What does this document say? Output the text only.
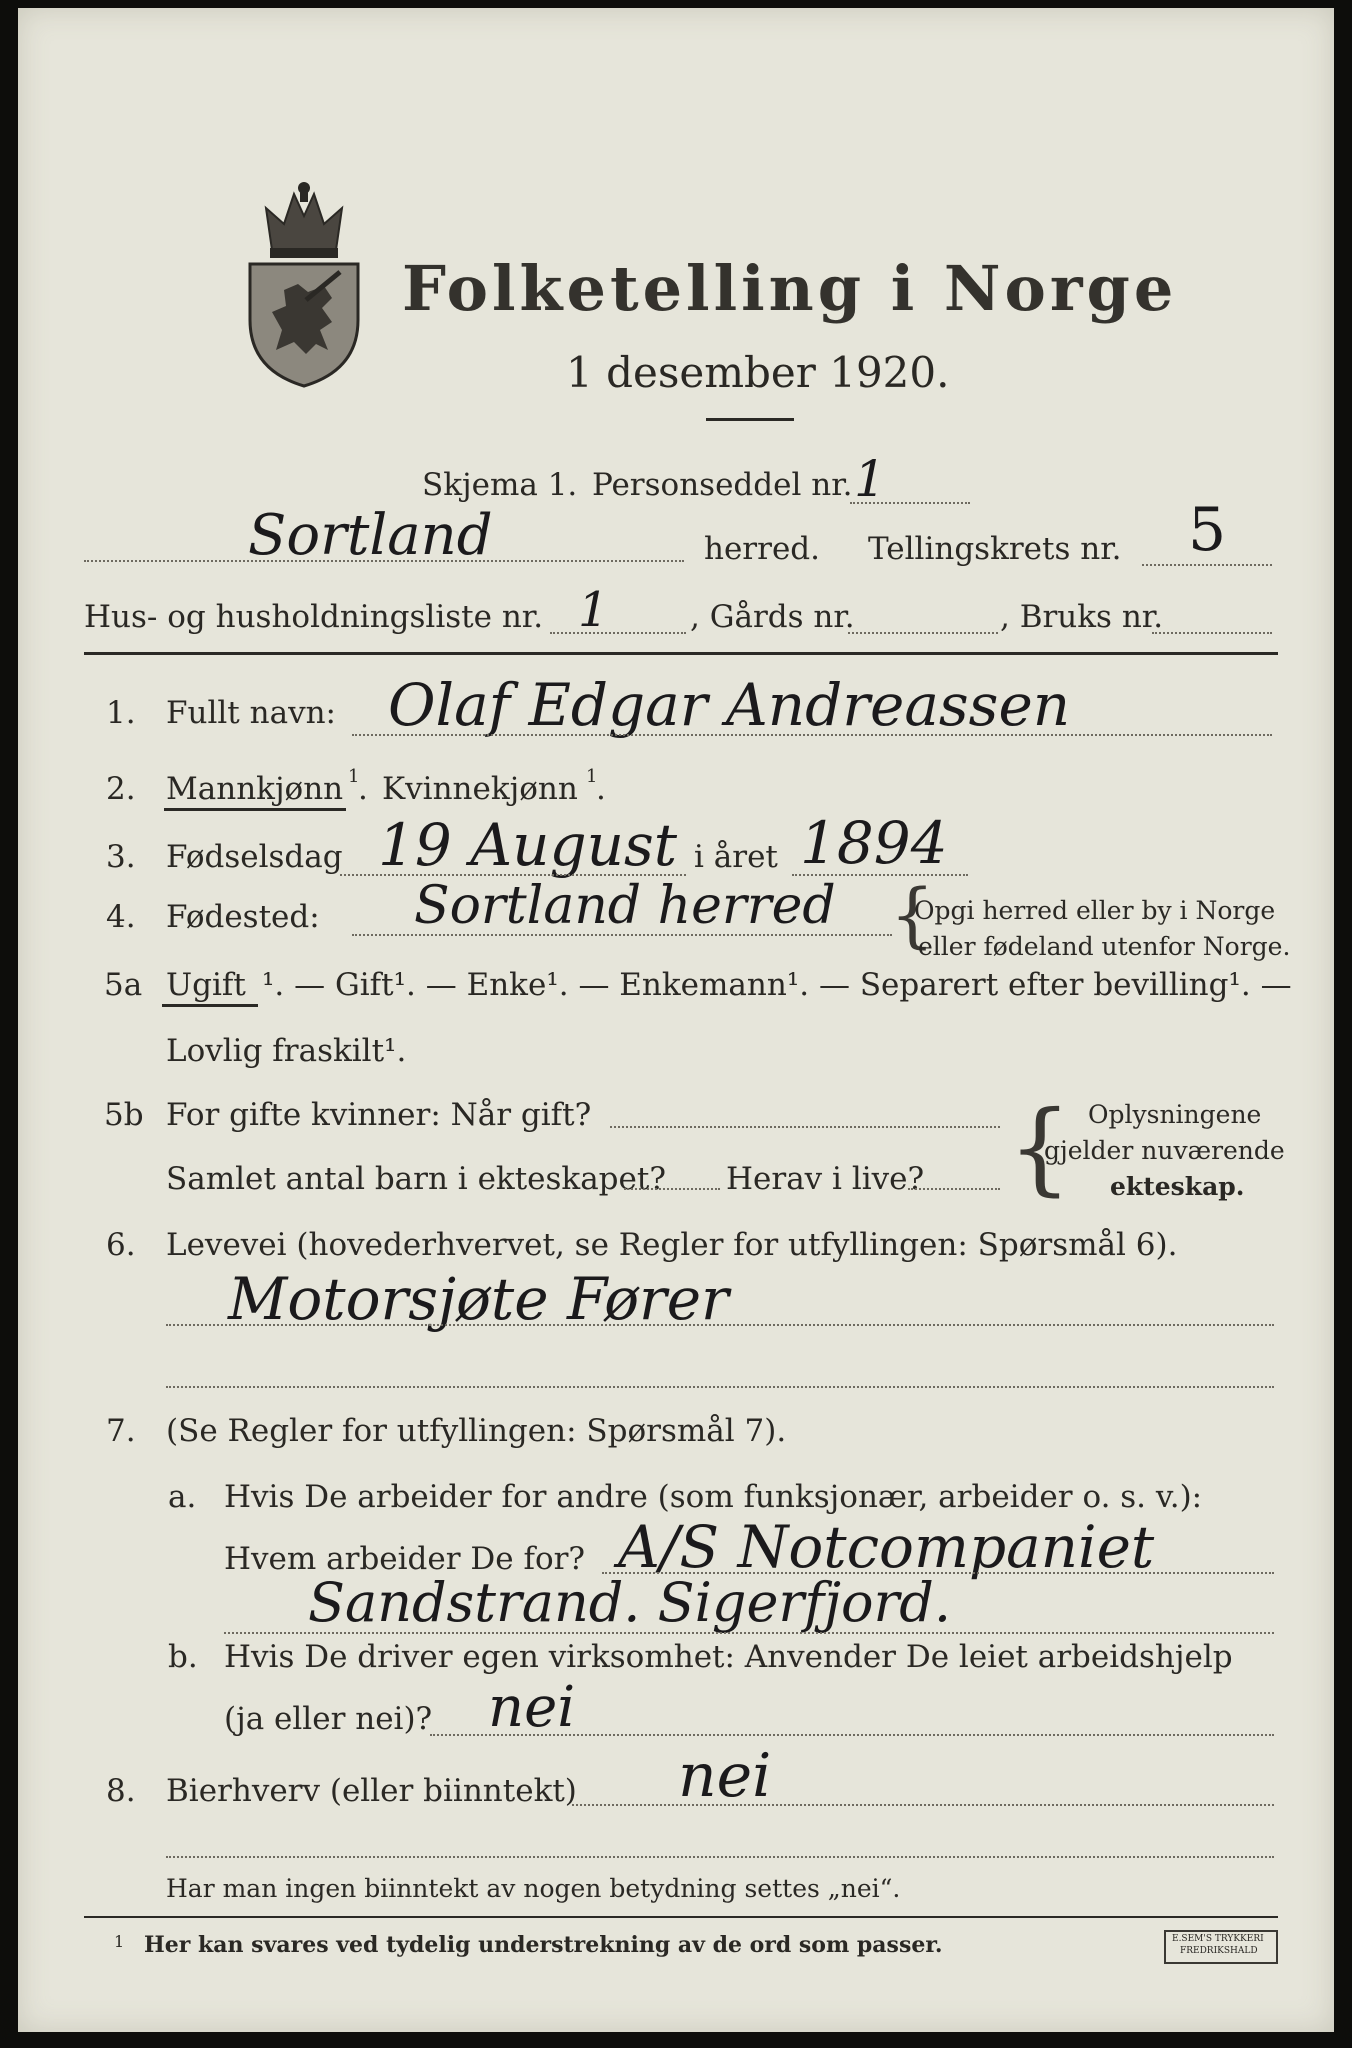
Folketelling i Norge
1 desember 1920.
Skjema 1. Personseddel nr. 1
Sortland	herred. Tellingskrets nr. 5
Hus- og husholdningsliste nr. 1	, Gårds nr.	, Bruks nr.
1. Fullt navn: Olaf Edgar Andreassen
2. Mannkjønn 1
. Kvinnekjønn 1
.
3. Fødselsdag 19 August i året 1894
4. Fødested: Sortland herred {
Opgi herred eller by i Norge
eller fødeland utenfor Norge.
5a Ugift ¹. — Gift¹. — Enke¹. — Enkemann¹. — Separert efter bevilling¹. —
Lovlig fraskilt¹.
5b For gifte kvinner: Når gift?
Samlet antal barn i ekteskapet? Herav i live? { Oplysningene
gjelder nuværende
ekteskap.
6. Levevei (hovederhvervet, se Regler for utfyllingen: Spørsmål 6).
Motorsjøte Fører
7. (Se Regler for utfyllingen: Spørsmål 7).
a. Hvis De arbeider for andre (som funksjonær, arbeider o. s. v.):
Hvem arbeider De for? A/S Notcompaniet
Sandstrand. Sigerfjord.
b. Hvis De driver egen virksomhet: Anvender De leiet arbeidshjelp
(ja eller nei)? nei
8. Bierhverv (eller biinntekt) nei
Har man ingen biinntekt av nogen betydning settes „nei“.
1 Her kan svares ved tydelig understrekning av de ord som passer.	E.SEM'S TRYKKERI
FREDRIKSHALD
